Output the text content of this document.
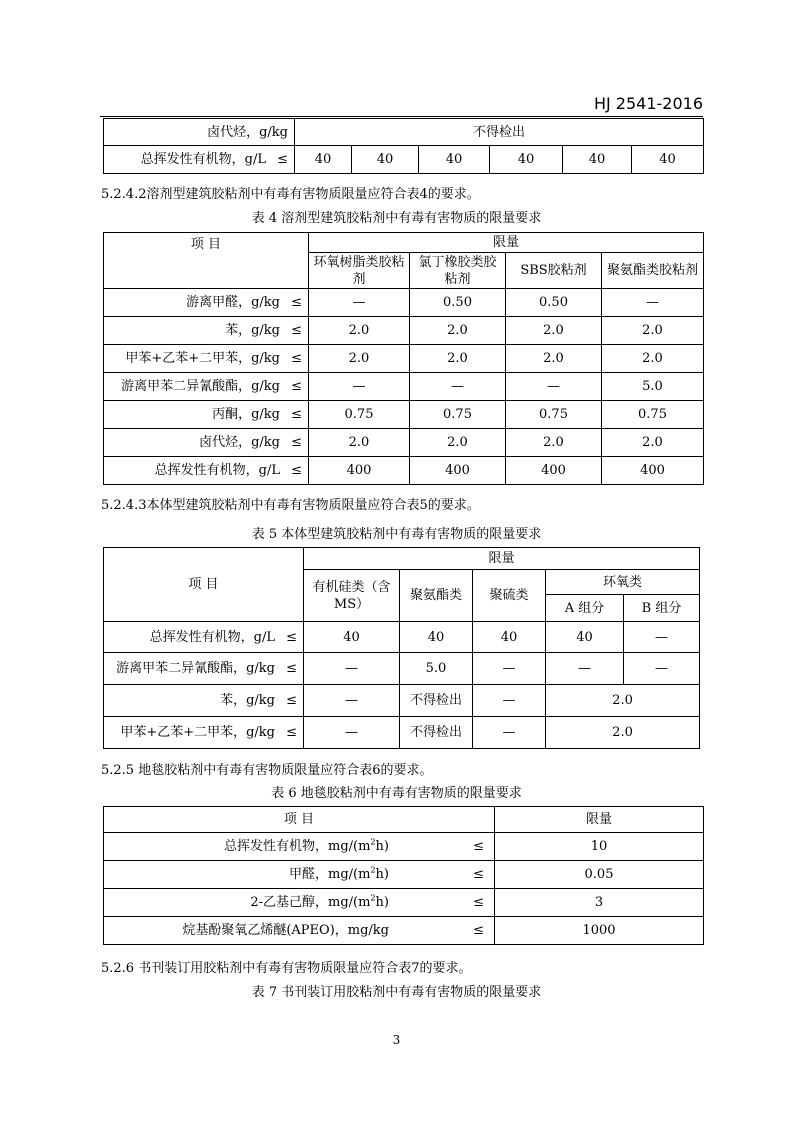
HJ 2541-2016
卤代烃，g/kg	不得检出					
总挥发性有机物，g/L ≤	40	40	40	40	40	40
5.2.4.2溶剂型建筑胶粘剂中有毒有害物质限量应符合表4的要求。
表 4 溶剂型建筑胶粘剂中有毒有害物质的限量要求
项 目	限量			
	环氧树脂类胶粘剂	氯丁橡胶类胶粘剂	SBS胶粘剂	聚氨酯类胶粘剂
游离甲醛，g/kg ≤	—	0.50	0.50	—
苯，g/kg ≤	2.0	2.0	2.0	2.0
甲苯+乙苯+二甲苯，g/kg ≤	2.0	2.0	2.0	2.0
游离甲苯二异氰酸酯，g/kg ≤	—	—	—	5.0
丙酮，g/kg ≤	0.75	0.75	0.75	0.75
卤代烃，g/kg ≤	2.0	2.0	2.0	2.0
总挥发性有机物，g/L ≤	400	400	400	400
5.2.4.3本体型建筑胶粘剂中有毒有害物质限量应符合表5的要求。
表 5 本体型建筑胶粘剂中有毒有害物质的限量要求
项 目	限量				
	有机硅类（含MS）	聚氨酯类	聚硫类	环氧类	
				A 组分	B 组分
总挥发性有机物，g/L ≤	40	40	40	40	—
游离甲苯二异氰酸酯，g/kg ≤	—	5.0	—	—	—
苯，g/kg ≤	—	不得检出	—	2.0	
甲苯+乙苯+二甲苯，g/kg ≤	—	不得检出	—	2.0	
5.2.5 地毯胶粘剂中有毒有害物质限量应符合表6的要求。
表 6 地毯胶粘剂中有毒有害物质的限量要求
项 目	限量
总挥发性有机物，$mg/(m^2h)$ ≤	10
甲醛，$mg/(m^2h)$ ≤	0.05
2-乙基己醇，$mg/(m^2h)$ ≤	3
烷基酚聚氧乙烯醚(APEO)，mg/kg ≤	1000
5.2.6 书刊装订用胶粘剂中有毒有害物质限量应符合表7的要求。
表 7 书刊装订用胶粘剂中有毒有害物质的限量要求
3
